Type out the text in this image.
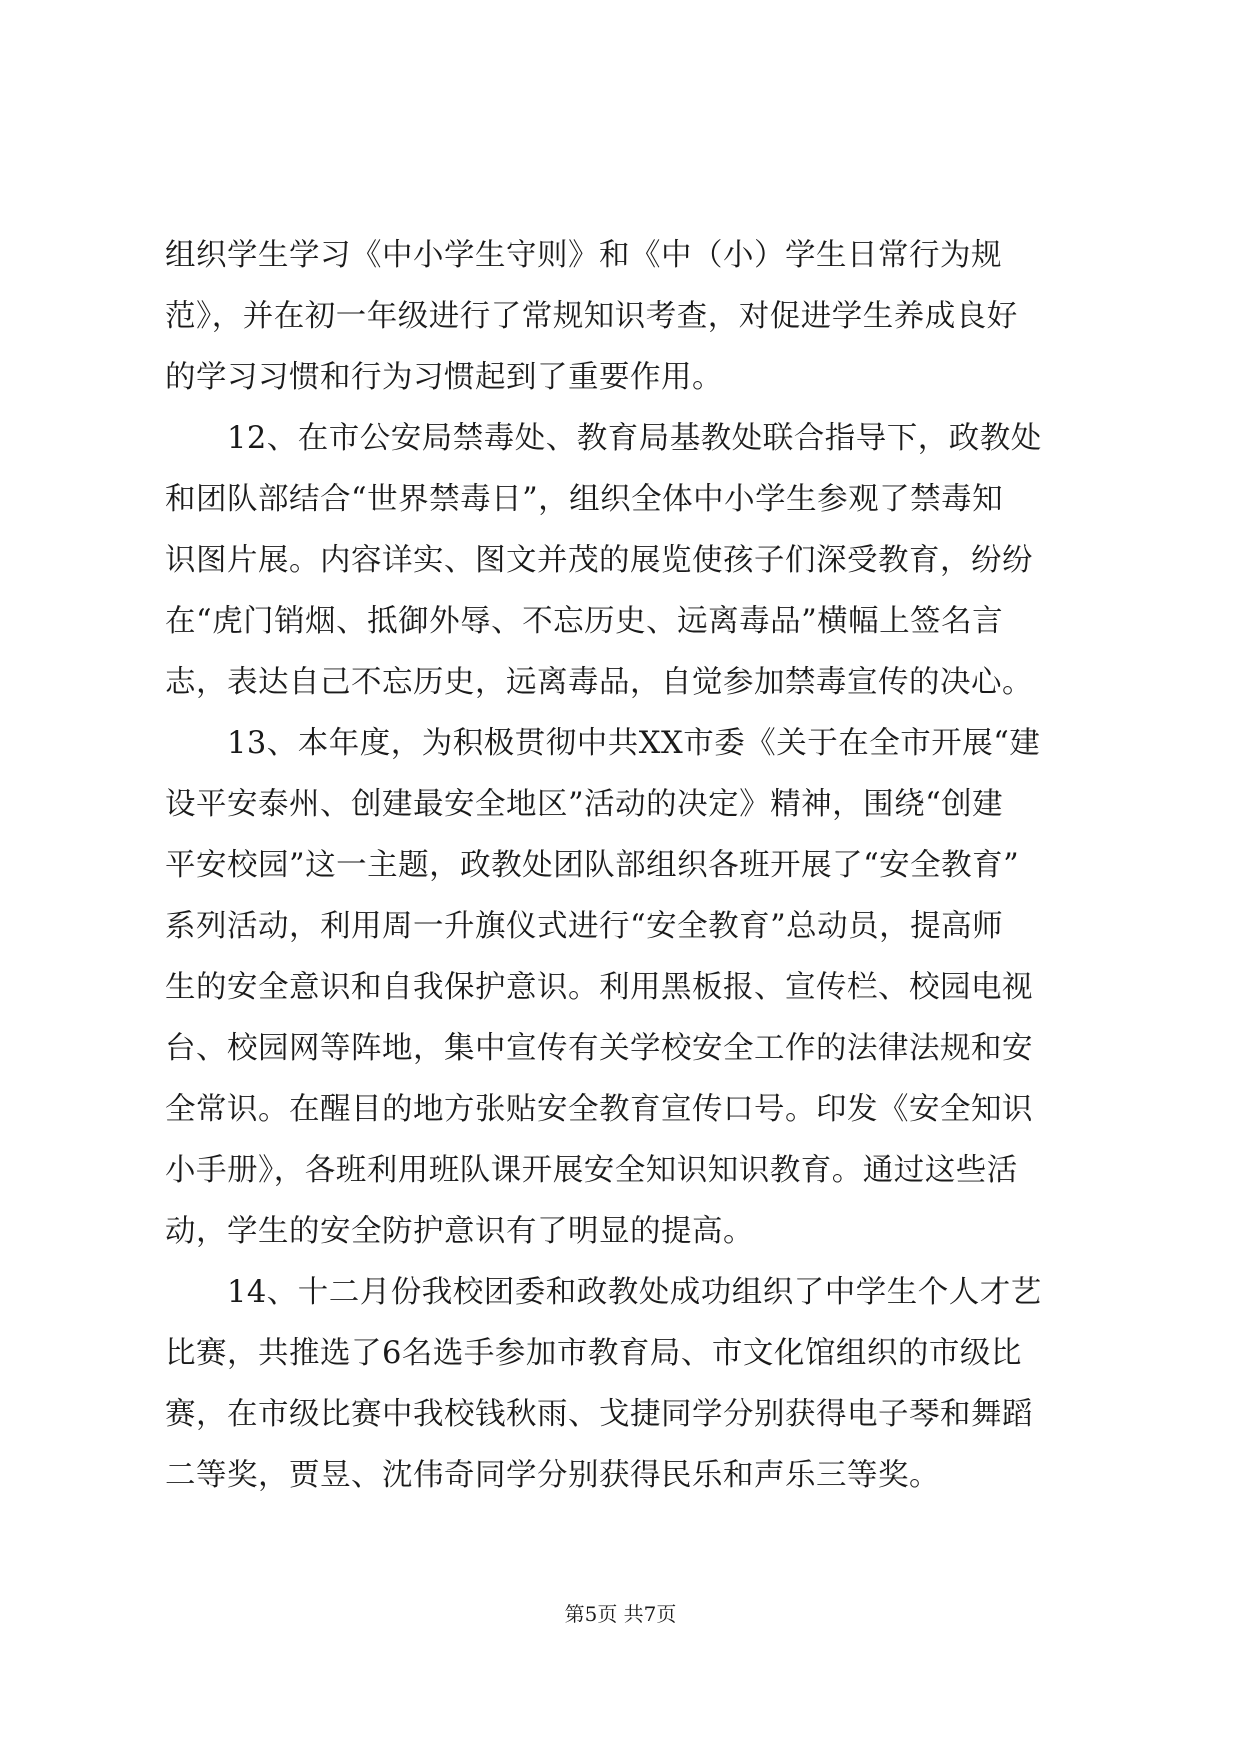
组织学生学习《中小学生守则》和《中（小）学生日常行为规
范》，并在初一年级进行了常规知识考查，对促进学生养成良好
的学习习惯和行为习惯起到了重要作用。
12、在市公安局禁毒处、教育局基教处联合指导下，政教处
和团队部结合“世界禁毒日”，组织全体中小学生参观了禁毒知
识图片展。内容详实、图文并茂的展览使孩子们深受教育，纷纷
在“虎门销烟、抵御外辱、不忘历史、远离毒品”横幅上签名言
志，表达自己不忘历史，远离毒品，自觉参加禁毒宣传的决心。
13、本年度，为积极贯彻中共XX市委《关于在全市开展“建
设平安泰州、创建最安全地区”活动的决定》精神，围绕“创建
平安校园”这一主题，政教处团队部组织各班开展了“安全教育”
系列活动，利用周一升旗仪式进行“安全教育”总动员，提高师
生的安全意识和自我保护意识。利用黑板报、宣传栏、校园电视
台、校园网等阵地，集中宣传有关学校安全工作的法律法规和安
全常识。在醒目的地方张贴安全教育宣传口号。印发《安全知识
小手册》，各班利用班队课开展安全知识知识教育。通过这些活
动，学生的安全防护意识有了明显的提高。
14、十二月份我校团委和政教处成功组织了中学生个人才艺
比赛，共推选了6名选手参加市教育局、市文化馆组织的市级比
赛，在市级比赛中我校钱秋雨、戈捷同学分别获得电子琴和舞蹈
二等奖，贾昱、沈伟奇同学分别获得民乐和声乐三等奖。
第5页 共7页
